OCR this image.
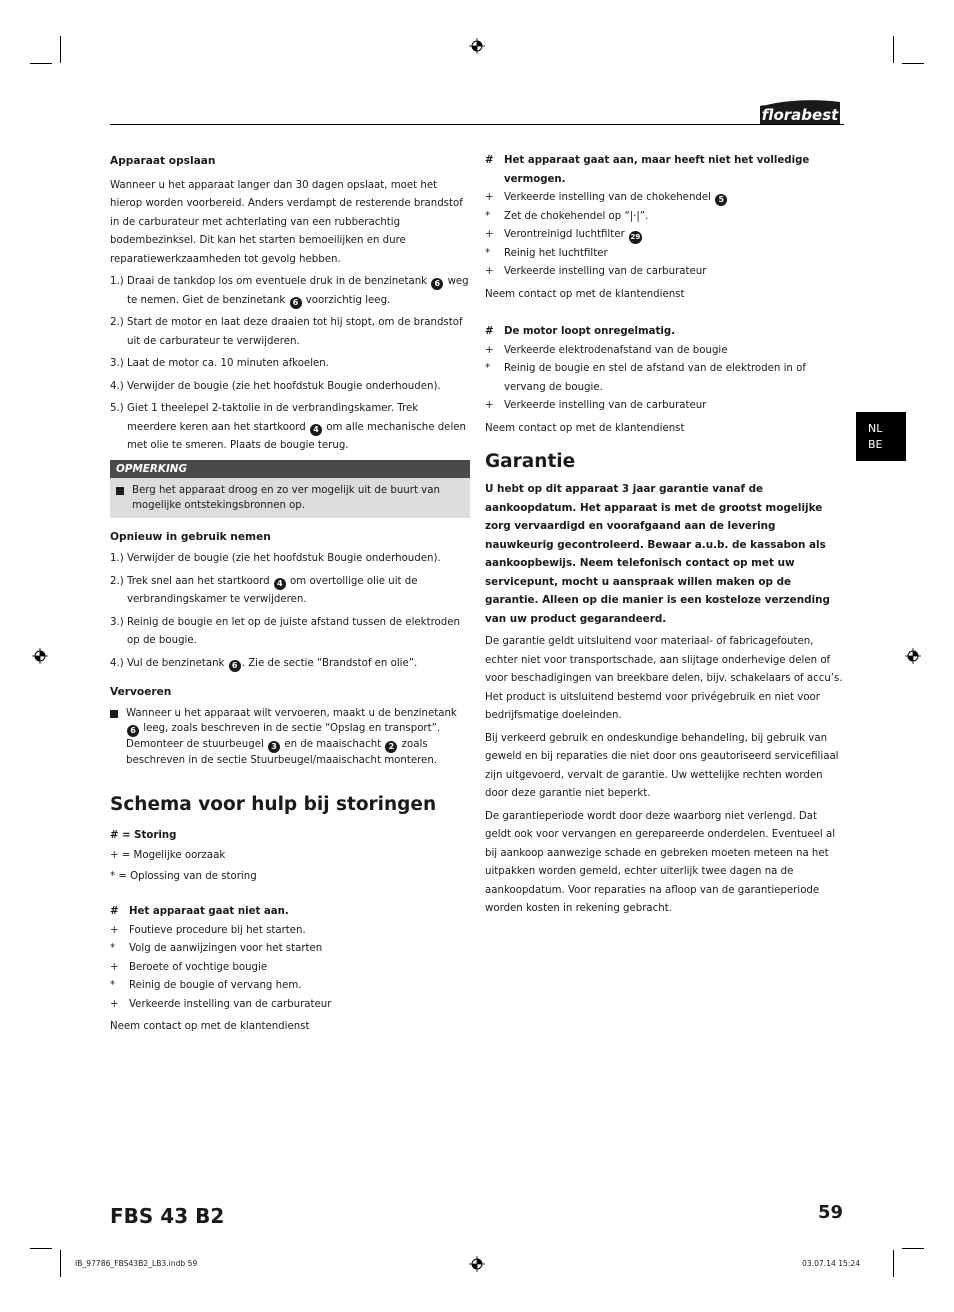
florabest
NL
BE
Apparaat opslaan

Wanneer u het apparaat langer dan 30 dagen opslaat, moet het hierop worden voorbereid. Anders verdampt de resterende brandstof in de carburateur met achterlating van een rubberachtig bodembezinksel. Dit kan het starten bemoeilijken en dure reparatiewerkzaamheden tot gevolg hebben.

1.) Draai de tankdop los om eventuele druk in de benzinetank 6 weg te nemen. Giet de benzinetank 6 voorzichtig leeg.
2.) Start de motor en laat deze draaien tot hij stopt, om de brandstof uit de carburateur te verwijderen.
3.) Laat de motor ca. 10 minuten afkoelen.
4.) Verwijder de bougie (zie het hoofdstuk Bougie onderhouden).
5.) Giet 1 theelepel 2-taktolie in de verbrandingskamer. Trek meerdere keren aan het startkoord 4 om alle mechanische delen met olie te smeren. Plaats de bougie terug.
OPMERKING
Berg het apparaat droog en zo ver mogelijk uit de buurt van mogelijke ontstekingsbronnen op.
Opnieuw in gebruik nemen
1.) Verwijder de bougie (zie het hoofdstuk Bougie onderhouden).
2.) Trek snel aan het startkoord 4 om overtollige olie uit de verbrandingskamer te verwijderen.
3.) Reinig de bougie en let op de juiste afstand tussen de elektroden op de bougie.
4.) Vul de benzinetank 6 . Zie de sectie “Brandstof en olie”.
Vervoeren
Wanneer u het apparaat wilt vervoeren, maakt u de benzinetank 6 leeg, zoals beschreven in de sectie “Opslag en transport”. Demonteer de stuurbeugel 3 en de maaischacht 2 zoals beschreven in de sectie Stuurbeugel/maaischacht monteren.
Schema voor hulp bij storingen
# = Storing
+ = Mogelijke oorzaak
* = Oplossing van de storing
#	Het apparaat gaat niet aan.
+	Foutieve procedure bij het starten.
*	Volg de aanwijzingen voor het starten
+	Beroete of vochtige bougie
*	Reinig de bougie of vervang hem.
+	Verkeerde instelling van de carburateur
Neem contact op met de klantendienst
#	Het apparaat gaat aan, maar heeft niet het volledige vermogen.
+	Verkeerde instelling van de chokehendel 5
*	Zet de chokehendel op “|·|”.
+	Verontreinigd luchtfilter 29
*	Reinig het luchtfilter
+	Verkeerde instelling van de carburateur
Neem contact op met de klantendienst
#	De motor loopt onregelmatig.
+	Verkeerde elektrodenafstand van de bougie
*	Reinig de bougie en stel de afstand van de elektroden in of vervang de bougie.
+	Verkeerde instelling van de carburateur
Neem contact op met de klantendienst
Garantie
U hebt op dit apparaat 3 jaar garantie vanaf de aankoopdatum. Het apparaat is met de grootst mogelijke zorg vervaardigd en voorafgaand aan de levering nauwkeurig gecontroleerd. Bewaar a.u.b. de kassabon als aankoopbewijs. Neem telefonisch contact op met uw servicepunt, mocht u aanspraak willen maken op de garantie. Alleen op die manier is een kosteloze verzending van uw product gegarandeerd.

De garantie geldt uitsluitend voor materiaal- of fabricagefouten, echter niet voor transportschade, aan slijtage onderhevige delen of voor beschadigingen van breekbare delen, bijv. schakelaars of accu’s. Het product is uitsluitend bestemd voor privégebruik en niet voor bedrijfsmatige doeleinden.

Bij verkeerd gebruik en ondeskundige behandeling, bij gebruik van geweld en bij reparaties die niet door ons geautoriseerd servicefiliaal zijn uitgevoerd, vervalt de garantie. Uw wettelijke rechten worden door deze garantie niet beperkt.

De garantieperiode wordt door deze waarborg niet verlengd. Dat geldt ook voor vervangen en gerepareerde onderdelen. Eventueel al bij aankoop aanwezige schade en gebreken moeten meteen na het uitpakken worden gemeld, echter uiterlijk twee dagen na de aankoopdatum. Voor reparaties na afloop van de garantieperiode worden kosten in rekening gebracht.

FBS 43 B2	59
IB_97786_FBS43B2_LB3.indb 59	03.07.14 15:24
